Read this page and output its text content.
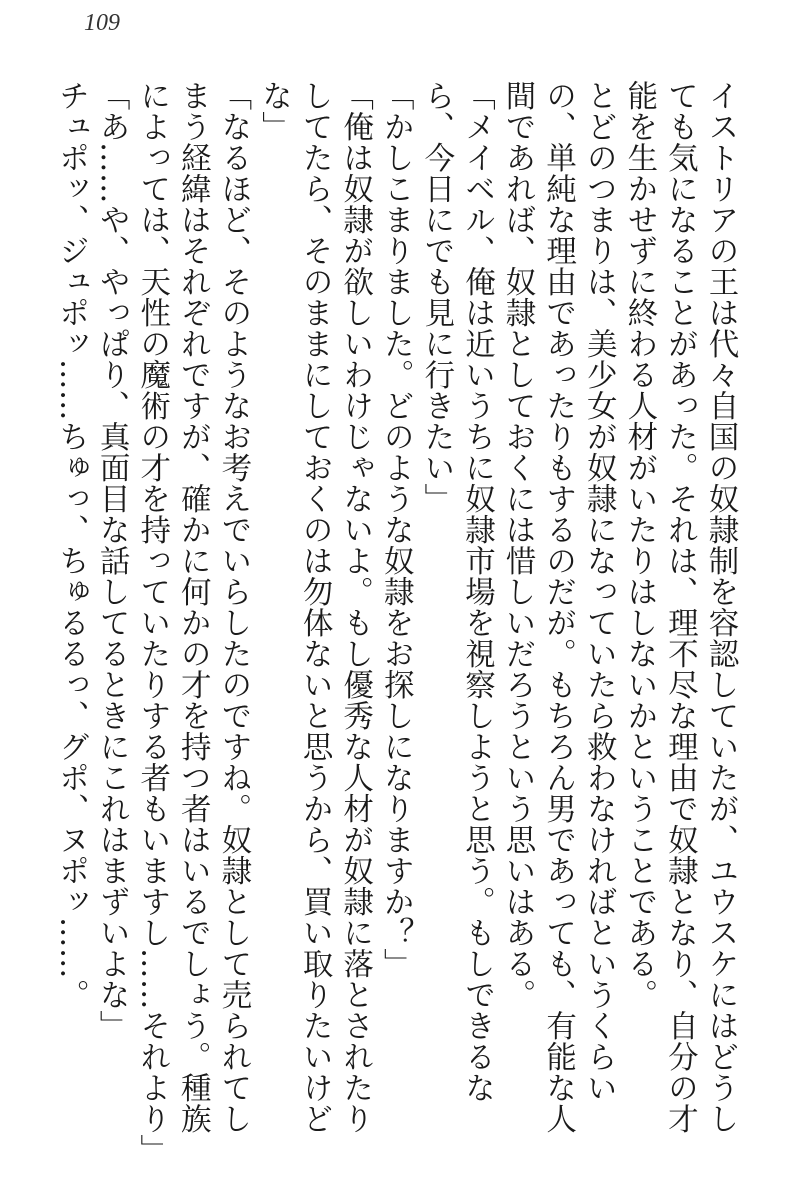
109

イストリアの王は代々自国の奴隷制を容認していたが、ユウスケにはどうしても気になることがあった。それは、理不尽な理由で奴隷となり、自分の才能を生かせずに終わる人材がいたりはしないかということである。

とどのつまりは、美少女が奴隷になっていたら救わなければというくらいの、単純な理由であったりもするのだが。もちろん男であっても、有能な人間であれば、奴隷としておくには惜しいだろうという思いはある。

「メイベル、俺は近いうちに奴隷市場を視察しようと思う。もしできるなら、今日にでも見に行きたい」

「かしこまりました。どのような奴隷をお探しになりますか？」

「俺は奴隷が欲しいわけじゃないよ。もし優秀な人材が奴隷に落とされたりしてたら、そのままにしておくのは勿体ないと思うから、買い取りたいけどな」

「なるほど、そのようなお考えでいらしたのですね。奴隷として売られてしまう経緯はそれぞれですが、確かに何かの才を持つ者はいるでしょう。種族によっては、天性の魔術の才を持っていたりする者もいますし……それより」

「あ……や、やっぱり、真面目な話してるときにこれはまずいよな」

チュポッ、ジュポッ……ちゅっ、ちゅるるっ、グポ、ヌポッ……。
